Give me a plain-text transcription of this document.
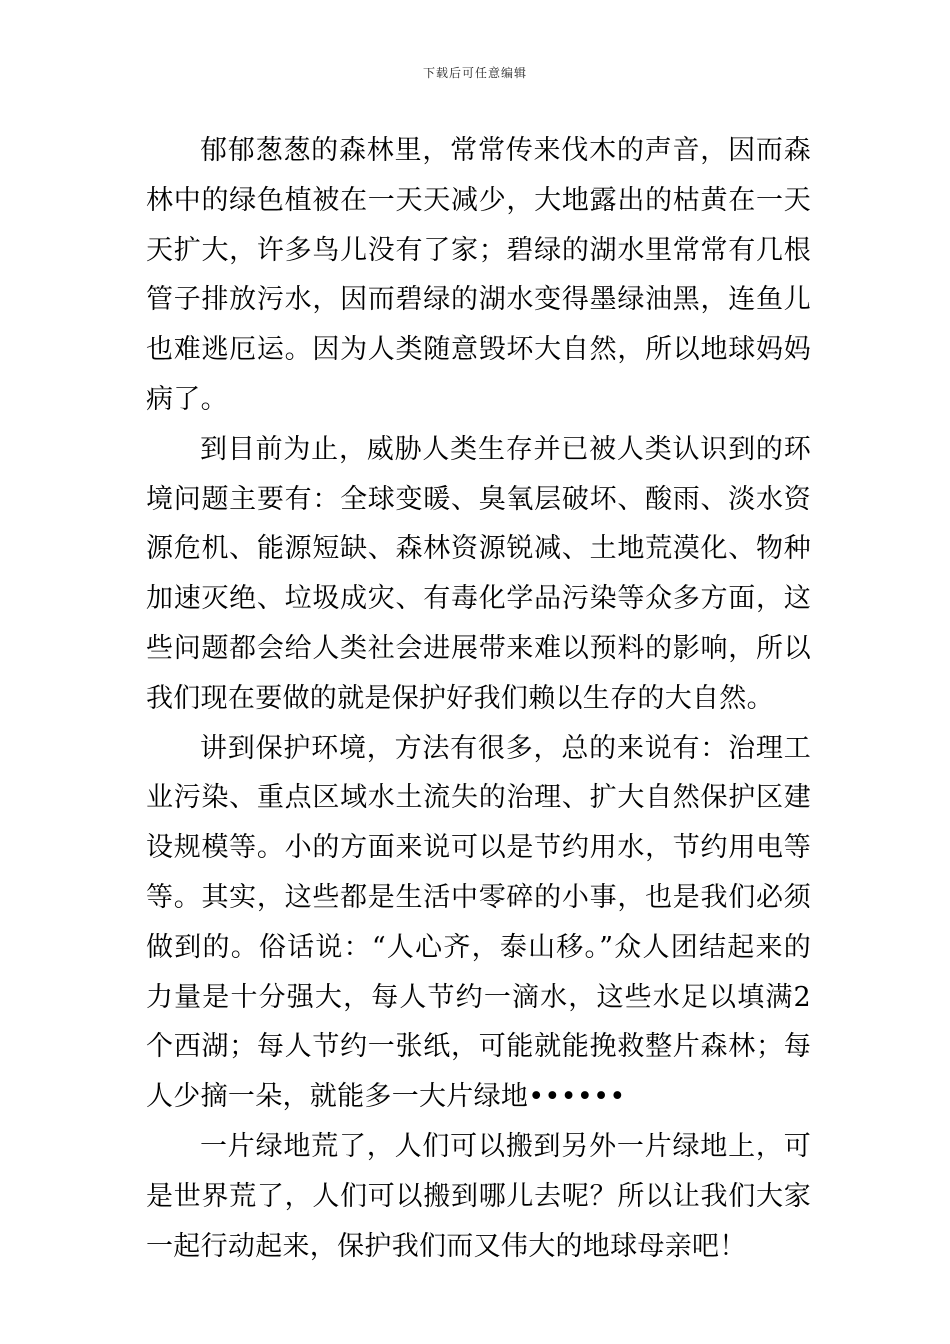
下载后可任意编辑

郁郁葱葱的森林里，常常传来伐木的声音，因而森林中的绿色植被在一天天减少，大地露出的枯黄在一天天扩大，许多鸟儿没有了家；碧绿的湖水里常常有几根管子排放污水，因而碧绿的湖水变得墨绿油黑，连鱼儿也难逃厄运。因为人类随意毁坏大自然，所以地球妈妈病了。

到目前为止，威胁人类生存并已被人类认识到的环境问题主要有：全球变暖、臭氧层破坏、酸雨、淡水资源危机、能源短缺、森林资源锐减、土地荒漠化、物种加速灭绝、垃圾成灾、有毒化学品污染等众多方面，这些问题都会给人类社会进展带来难以预料的影响，所以我们现在要做的就是保护好我们赖以生存的大自然。

讲到保护环境，方法有很多，总的来说有：治理工业污染、重点区域水土流失的治理、扩大自然保护区建设规模等。小的方面来说可以是节约用水，节约用电等等。其实，这些都是生活中零碎的小事，也是我们必须做到的。俗话说：“人心齐，泰山移。”众人团结起来的力量是十分强大，每人节约一滴水，这些水足以填满2个西湖；每人节约一张纸，可能就能挽救整片森林；每人少摘一朵，就能多一大片绿地••••••

一片绿地荒了，人们可以搬到另外一片绿地上，可是世界荒了，人们可以搬到哪儿去呢？所以让我们大家一起行动起来，保护我们而又伟大的地球母亲吧！
